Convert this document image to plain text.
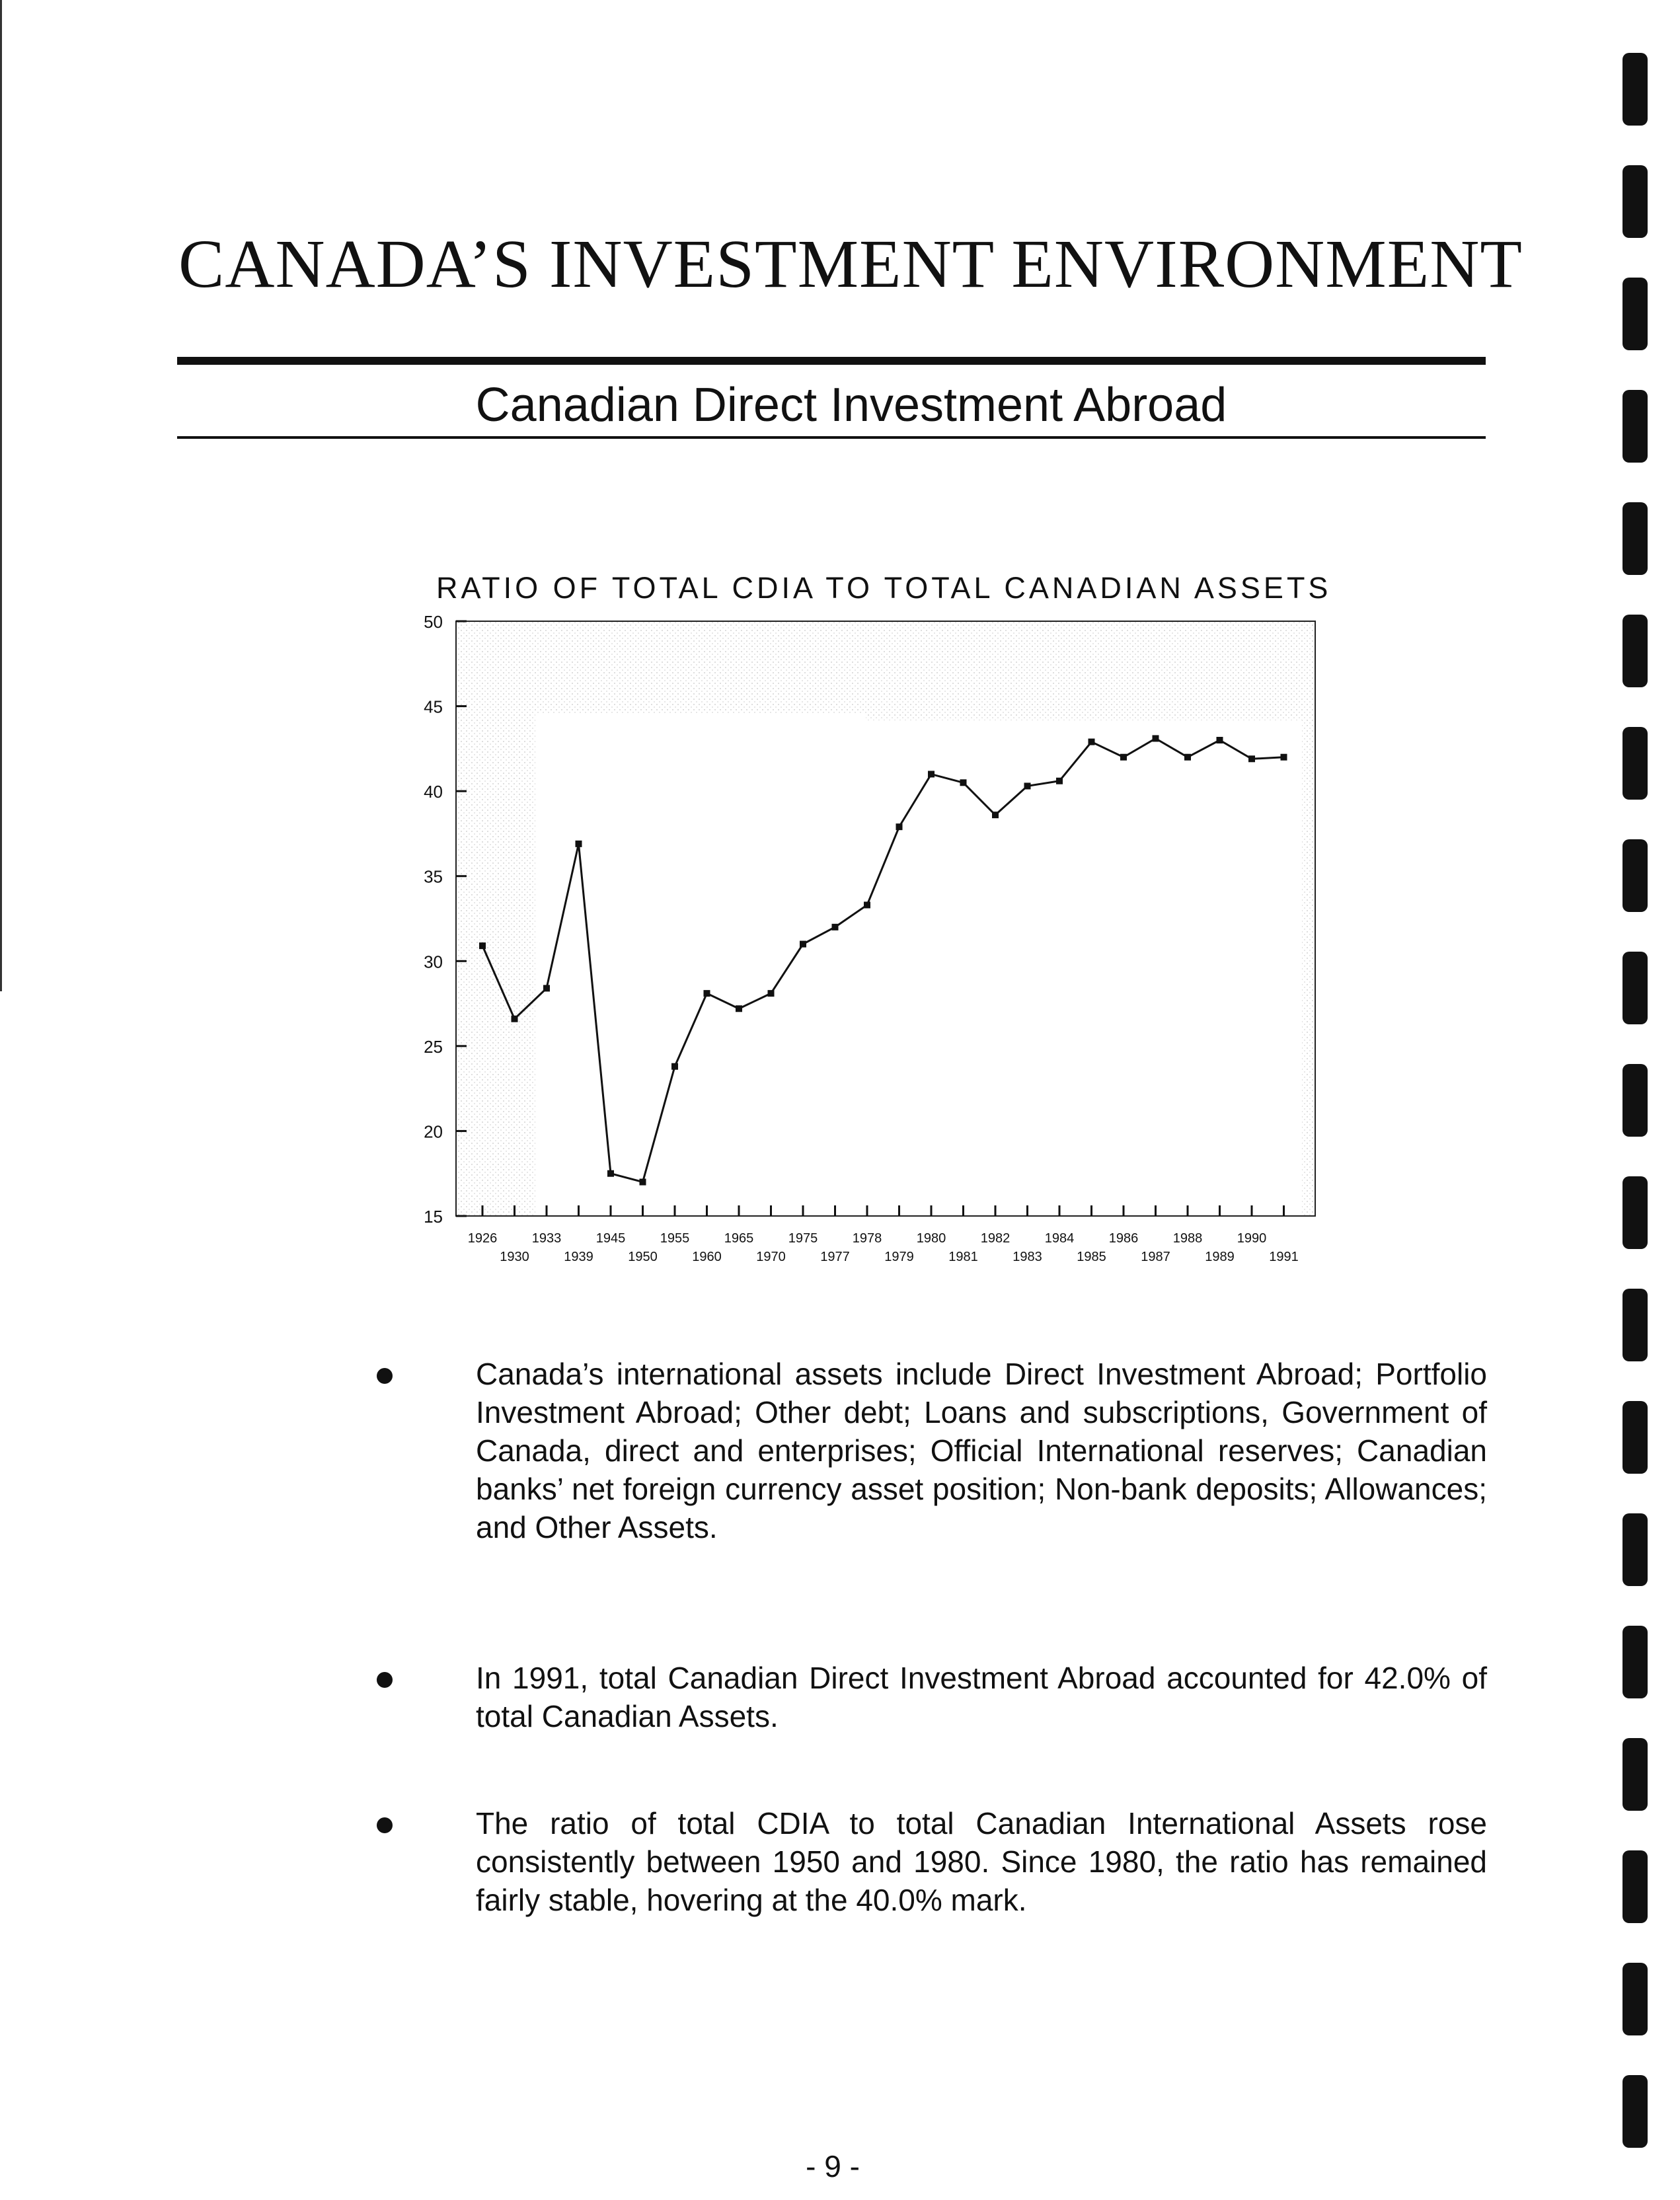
CANADA’S INVESTMENT ENVIRONMENT
Canadian Direct Investment Abroad
RATIO OF TOTAL CDIA TO TOTAL CANADIAN ASSETS
15
20
25
30
35
40
45
50
1926
1930
1933
1939
1945
1950
1955
1960
1965
1970
1975
1977
1978
1979
1980
1981
1982
1983
1984
1985
1986
1987
1988
1989
1990
1991

Canada’s international assets include Direct Investment Abroad; Portfolio Investment Abroad; Other debt; Loans and subscriptions, Government of Canada, direct and enterprises; Official International reserves; Canadian banks’ net foreign currency asset position; Non-bank deposits; Allowances; and Other Assets.

In 1991, total Canadian Direct Investment Abroad accounted for 42.0% of total Canadian Assets.

The ratio of total CDIA to total Canadian International Assets rose consistently between 1950 and 1980. Since 1980, the ratio has remained fairly stable, hovering at the 40.0% mark.

- 9 -
